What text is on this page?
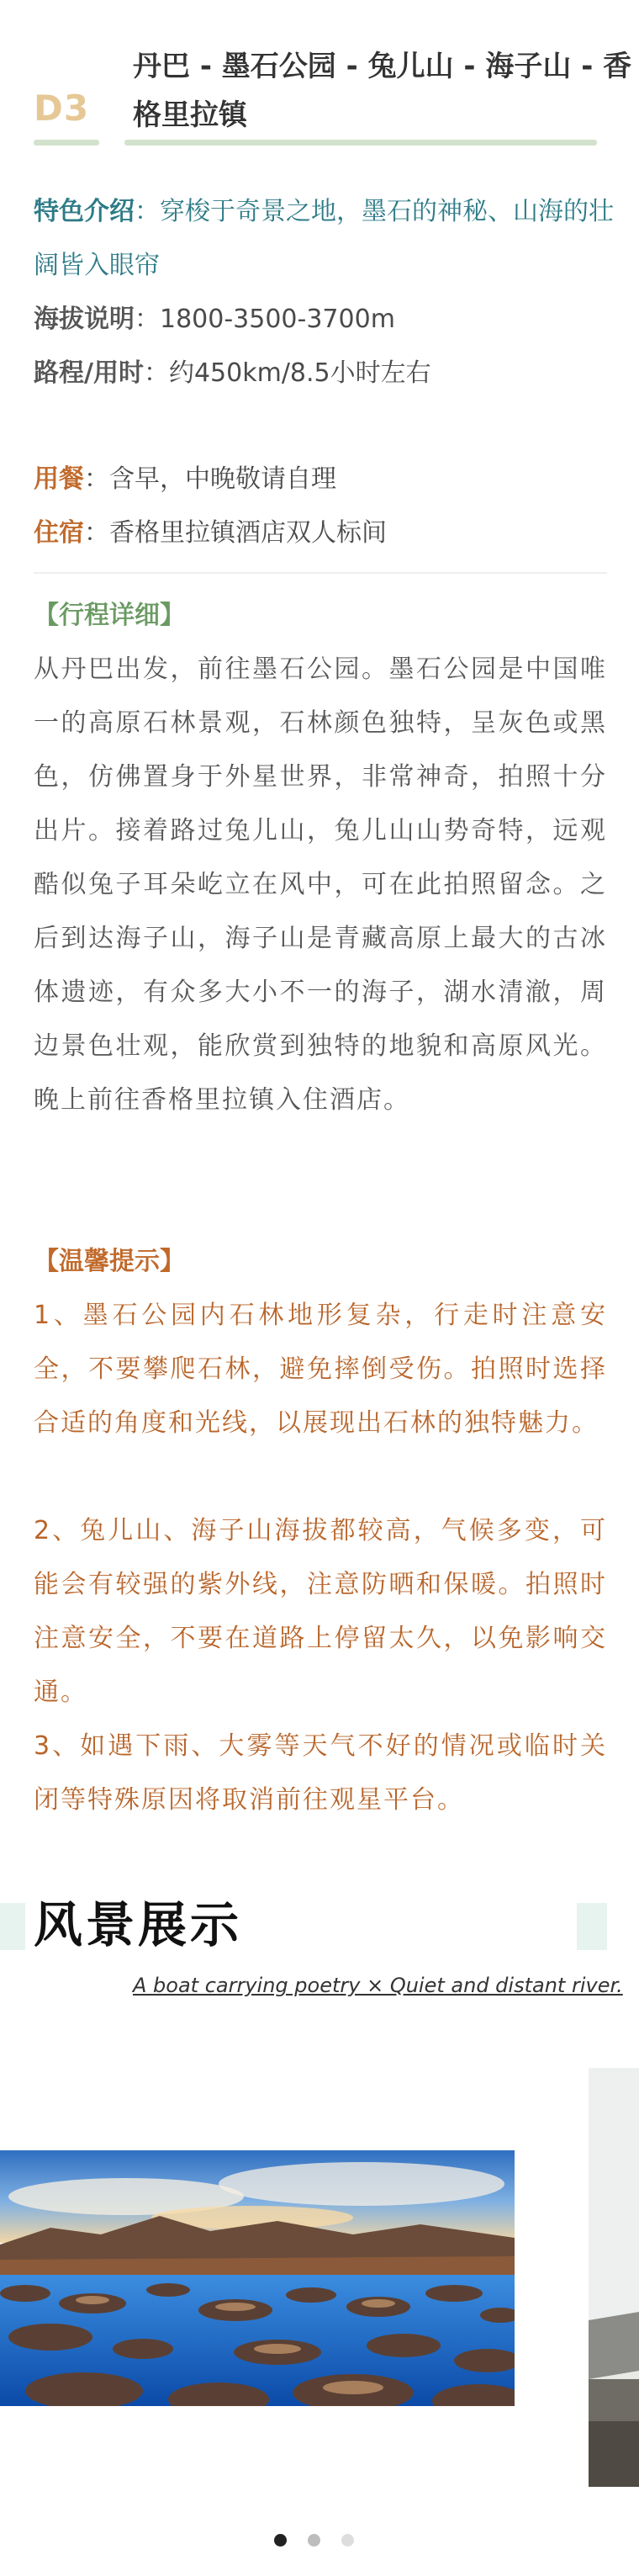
D3
丹巴 - 墨石公园 - 兔儿山 - 海子山 - 香格里拉镇
特色介绍：穿梭于奇景之地，墨石的神秘、山海的壮阔皆入眼帘
海拔说明：1800-3500-3700m
路程/用时：约450km/8.5小时左右
用餐：含早，中晚敬请自理
住宿：香格里拉镇酒店双人标间
【行程详细】
从丹巴出发，前往墨石公园。墨石公园是中国唯一的高原石林景观，石林颜色独特，呈灰色或黑色，仿佛置身于外星世界，非常神奇，拍照十分出片。接着路过兔儿山，兔儿山山势奇特，远观酷似兔子耳朵屹立在风中，可在此拍照留念。之后到达海子山，海子山是青藏高原上最大的古冰体遗迹，有众多大小不一的海子，湖水清澈，周边景色壮观，能欣赏到独特的地貌和高原风光。晚上前往香格里拉镇入住酒店。
【温馨提示】
1、墨石公园内石林地形复杂，行走时注意安全，不要攀爬石林，避免摔倒受伤。拍照时选择合适的角度和光线，以展现出石林的独特魅力。
2、兔儿山、海子山海拔都较高，气候多变，可能会有较强的紫外线，注意防晒和保暖。拍照时注意安全，不要在道路上停留太久，以免影响交通。
3、如遇下雨、大雾等天气不好的情况或临时关闭等特殊原因将取消前往观星平台。
风景展示
A boat carrying poetry × Quiet and distant river.
